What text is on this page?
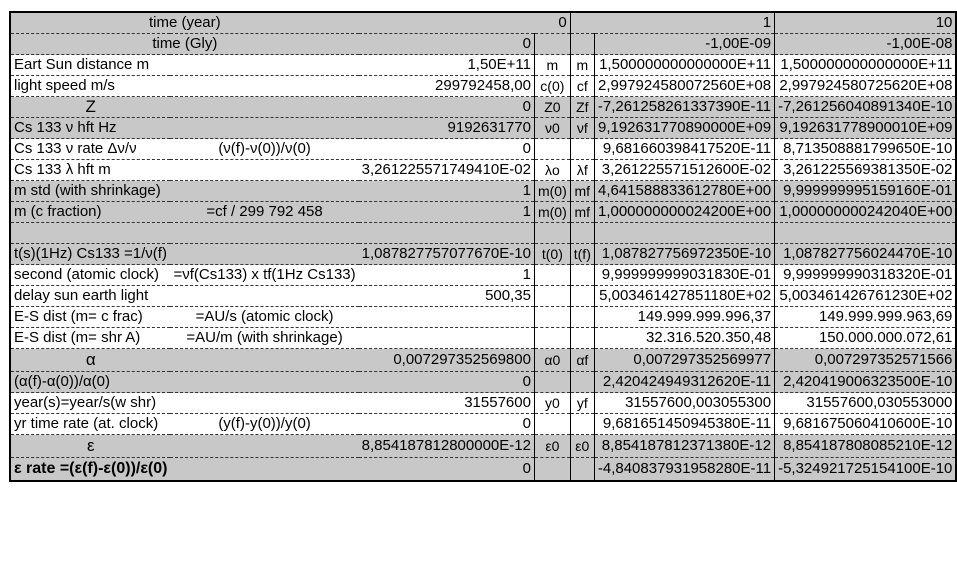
time (year)		0			1	10
time (Gly)		0			-1,00E-09	-1,00E-08
Eart Sun distance m		1,50E+11	m	m	1,500000000000000E+11	1,500000000000000E+11
light speed m/s		299792458,00	c(0)	cf	2,997924580072560E+08	2,997924580725620E+08
Z		0	Z0	Zf	-7,261258261337390E-11	-7,261256040891340E-10
Cs 133 ν hft Hz		9192631770	ν0	νf	9,192631770890000E+09	9,192631778900010E+09
Cs 133 ν rate Δν/ν	(ν(f)-ν(0))/ν(0)	0			9,681660398417520E-11	8,713508881799650E-10
Cs 133 λ hft m		3,261225571749410E-02	λo	λf	3,261225571512600E-02	3,261225569381350E-02
m std (with shrinkage)		1	m(0)	mf	4,641588833612780E+00	9,999999995159160E-01
m (c fraction)	=cf / 299 792 458	1	m(0)	mf	1,000000000024200E+00	1,000000000242040E+00

t(s)(1Hz) Cs133 =1/ν(f)		1,087827757077670E-10	t(0)	t(f)	1,087827756972350E-10	1,087827756024470E-10
second (atomic clock)	=νf(Cs133) x tf(1Hz Cs133)	1			9,999999999031830E-01	9,999999990318320E-01
delay sun earth light		500,35			5,003461427851180E+02	5,003461426761230E+02
E-S dist (m= c frac)	=AU/s (atomic clock)				149.999.999.996,37	149.999.999.963,69
E-S dist (m= shr A)	=AU/m (with shrinkage)				32.316.520.350,48	150.000.000.072,61
α		0,007297352569800	α0	αf	0,007297352569977	0,007297352571566
(α(f)-α(0))/α(0)		0			2,420424949312620E-11	2,420419006323500E-10
year(s)=year/s(w shr)		31557600	y0	yf	31557600,003055300	31557600,030553000
yr time rate (at. clock)	(y(f)-y(0))/y(0)	0			9,681651450945380E-11	9,681675060410600E-10
ε		8,854187812800000E-12	ε0	ε0	8,854187812371380E-12	8,854187808085210E-12
ε rate =(ε(f)-ε(0))/ε(0)		0			-4,840837931958280E-11	-5,324921725154100E-10
